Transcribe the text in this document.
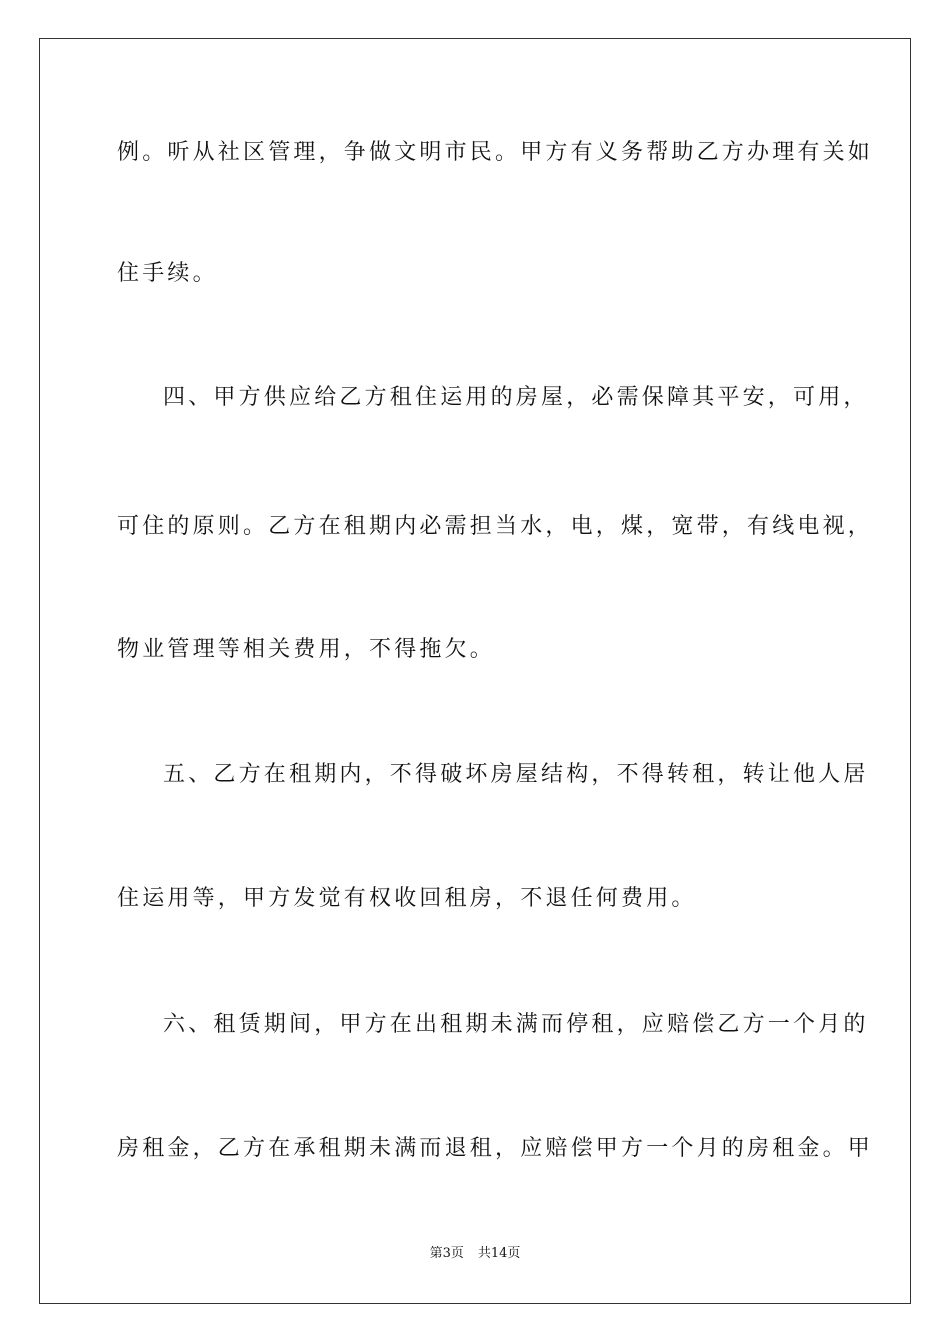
例。听从社区管理，争做文明市民。甲方有义务帮助乙方办理有关如
住手续。
四、甲方供应给乙方租住运用的房屋，必需保障其平安，可用，
可住的原则。乙方在租期内必需担当水，电，煤，宽带，有线电视，
物业管理等相关费用，不得拖欠。
五、乙方在租期内，不得破坏房屋结构，不得转租，转让他人居
住运用等，甲方发觉有权收回租房，不退任何费用。
六、租赁期间，甲方在出租期未满而停租，应赔偿乙方一个月的
房租金，乙方在承租期未满而退租，应赔偿甲方一个月的房租金。甲
第3页 共14页
